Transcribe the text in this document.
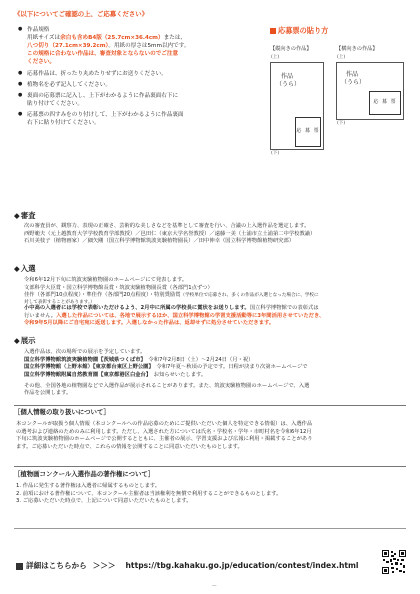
《以下についてご確認の上、ご応募ください》
● 作品規格
用紙サイズは余白も含めB4版（25.7cm×36.4cm）または、
八つ切り（27.1cm×39.2cm）。用紙の厚さは5mm以内です。
この規格に合わない作品は、審査対象とならないのでご注意
ください。
● 応募作品は、折ったり丸めたりせずにお送りください。
● 植物名を必ず記入してください。
● 裏面の応募票に記入し、上下がわかるように作品裏面右下に
貼り付けてください。
● 応募票の四すみをのり付けして、上下がわかるように作品裏面
右下に貼り付けてください。
応募票の貼り方
【縦向きの作品】
(上)
作品
（うら）
応 募 票
(下)
【横向きの作品】
(上)
作品
（うら）
応 募 票
(下)
◆ 審査
次の審査員が、観察力、表現の正確さ、芸術的な美しさなどを基準として審査を行い、合議の上入選作品を選定します。
西野範夫（元上越教育大学学校教育学部教授）／邑田仁（東京大学名誉教授）／遠藤一美（土浦市立土浦第二中学校教諭）
石川美枝子（植物画家）／細矢剛（国立科学博物館筑波実験植物園長）／田中伸幸（国立科学博物館植物研究部）
◆ 入選
令和6年12月下旬に筑波実験植物園のホームページにて発表します。
文部科学大臣賞・国立科学博物館長賞・筑波実験植物園長賞（各部門1点ずつ）
佳作（各部門10点程度）・準佳作（各部門20点程度）・特別奨励賞（学校単位で応募され、多くの作品が入選となった場合に、学校に
対して表彰することがあります。）
小中高の入選者には学校で表彰いただけるよう、2月中に所属の学校長に賞状をお送りします。国立科学博物館での表彰式は
行いません。入選した作品については、各地で展示するほか、国立科学博物館の学習支援活動等に3年間活用させていただき、
令和9年5月以降にご自宅宛に返送します。入選しなかった作品は、返却せずに処分させていただきます。
◆ 展示
入選作品は、次の場所での展示を予定しています。
国立科学博物館筑波実験植物園【茨城県つくば市】　 令和7年2月8日（土）～2月24日（月・祝）
国立科学博物館（上野本館）【東京都台東区上野公園】　 令和7年夏～秋頃の予定です。日程が決まり次第ホームページで
国立科学博物館附属自然教育園【東京都港区白金台】　 お知らせいたします。
その他、全国各地の植物園などで入選作品が展示されることがあります。また、筑波実験植物園のホームページで、入選
作品を公開します。
［個人情報の取り扱いについて］
本コンクールが取扱う個人情報（本コンクールへの作品応募のためにご提供いただいた個人を特定できる情報）は、入選作品
の選考および連絡のためのみに利用します。ただし、入選された方については氏名・学校名・学年・市町村名を令和6年12月
下旬に筑波実験植物園のホームページで公開するとともに、主催者の展示、学習支援および広報に利用・掲載することがあり
ます。ご応募いただいた時点で、これらの情報を公開することに同意いただいたものとします。
［植物画コンクール入選作品の著作権について］
1. 作品に発生する著作権は入選者に帰属するものとします。
2. 前項における著作権について、本コンクール主催者は当該権利を無償で利用することができるものとします。
3. ご応募いただいた時点で、上記について同意いただいたものとします。
詳細はこちらから ＞＞＞ https://tbg.kahaku.go.jp/education/contest/index.html
—
